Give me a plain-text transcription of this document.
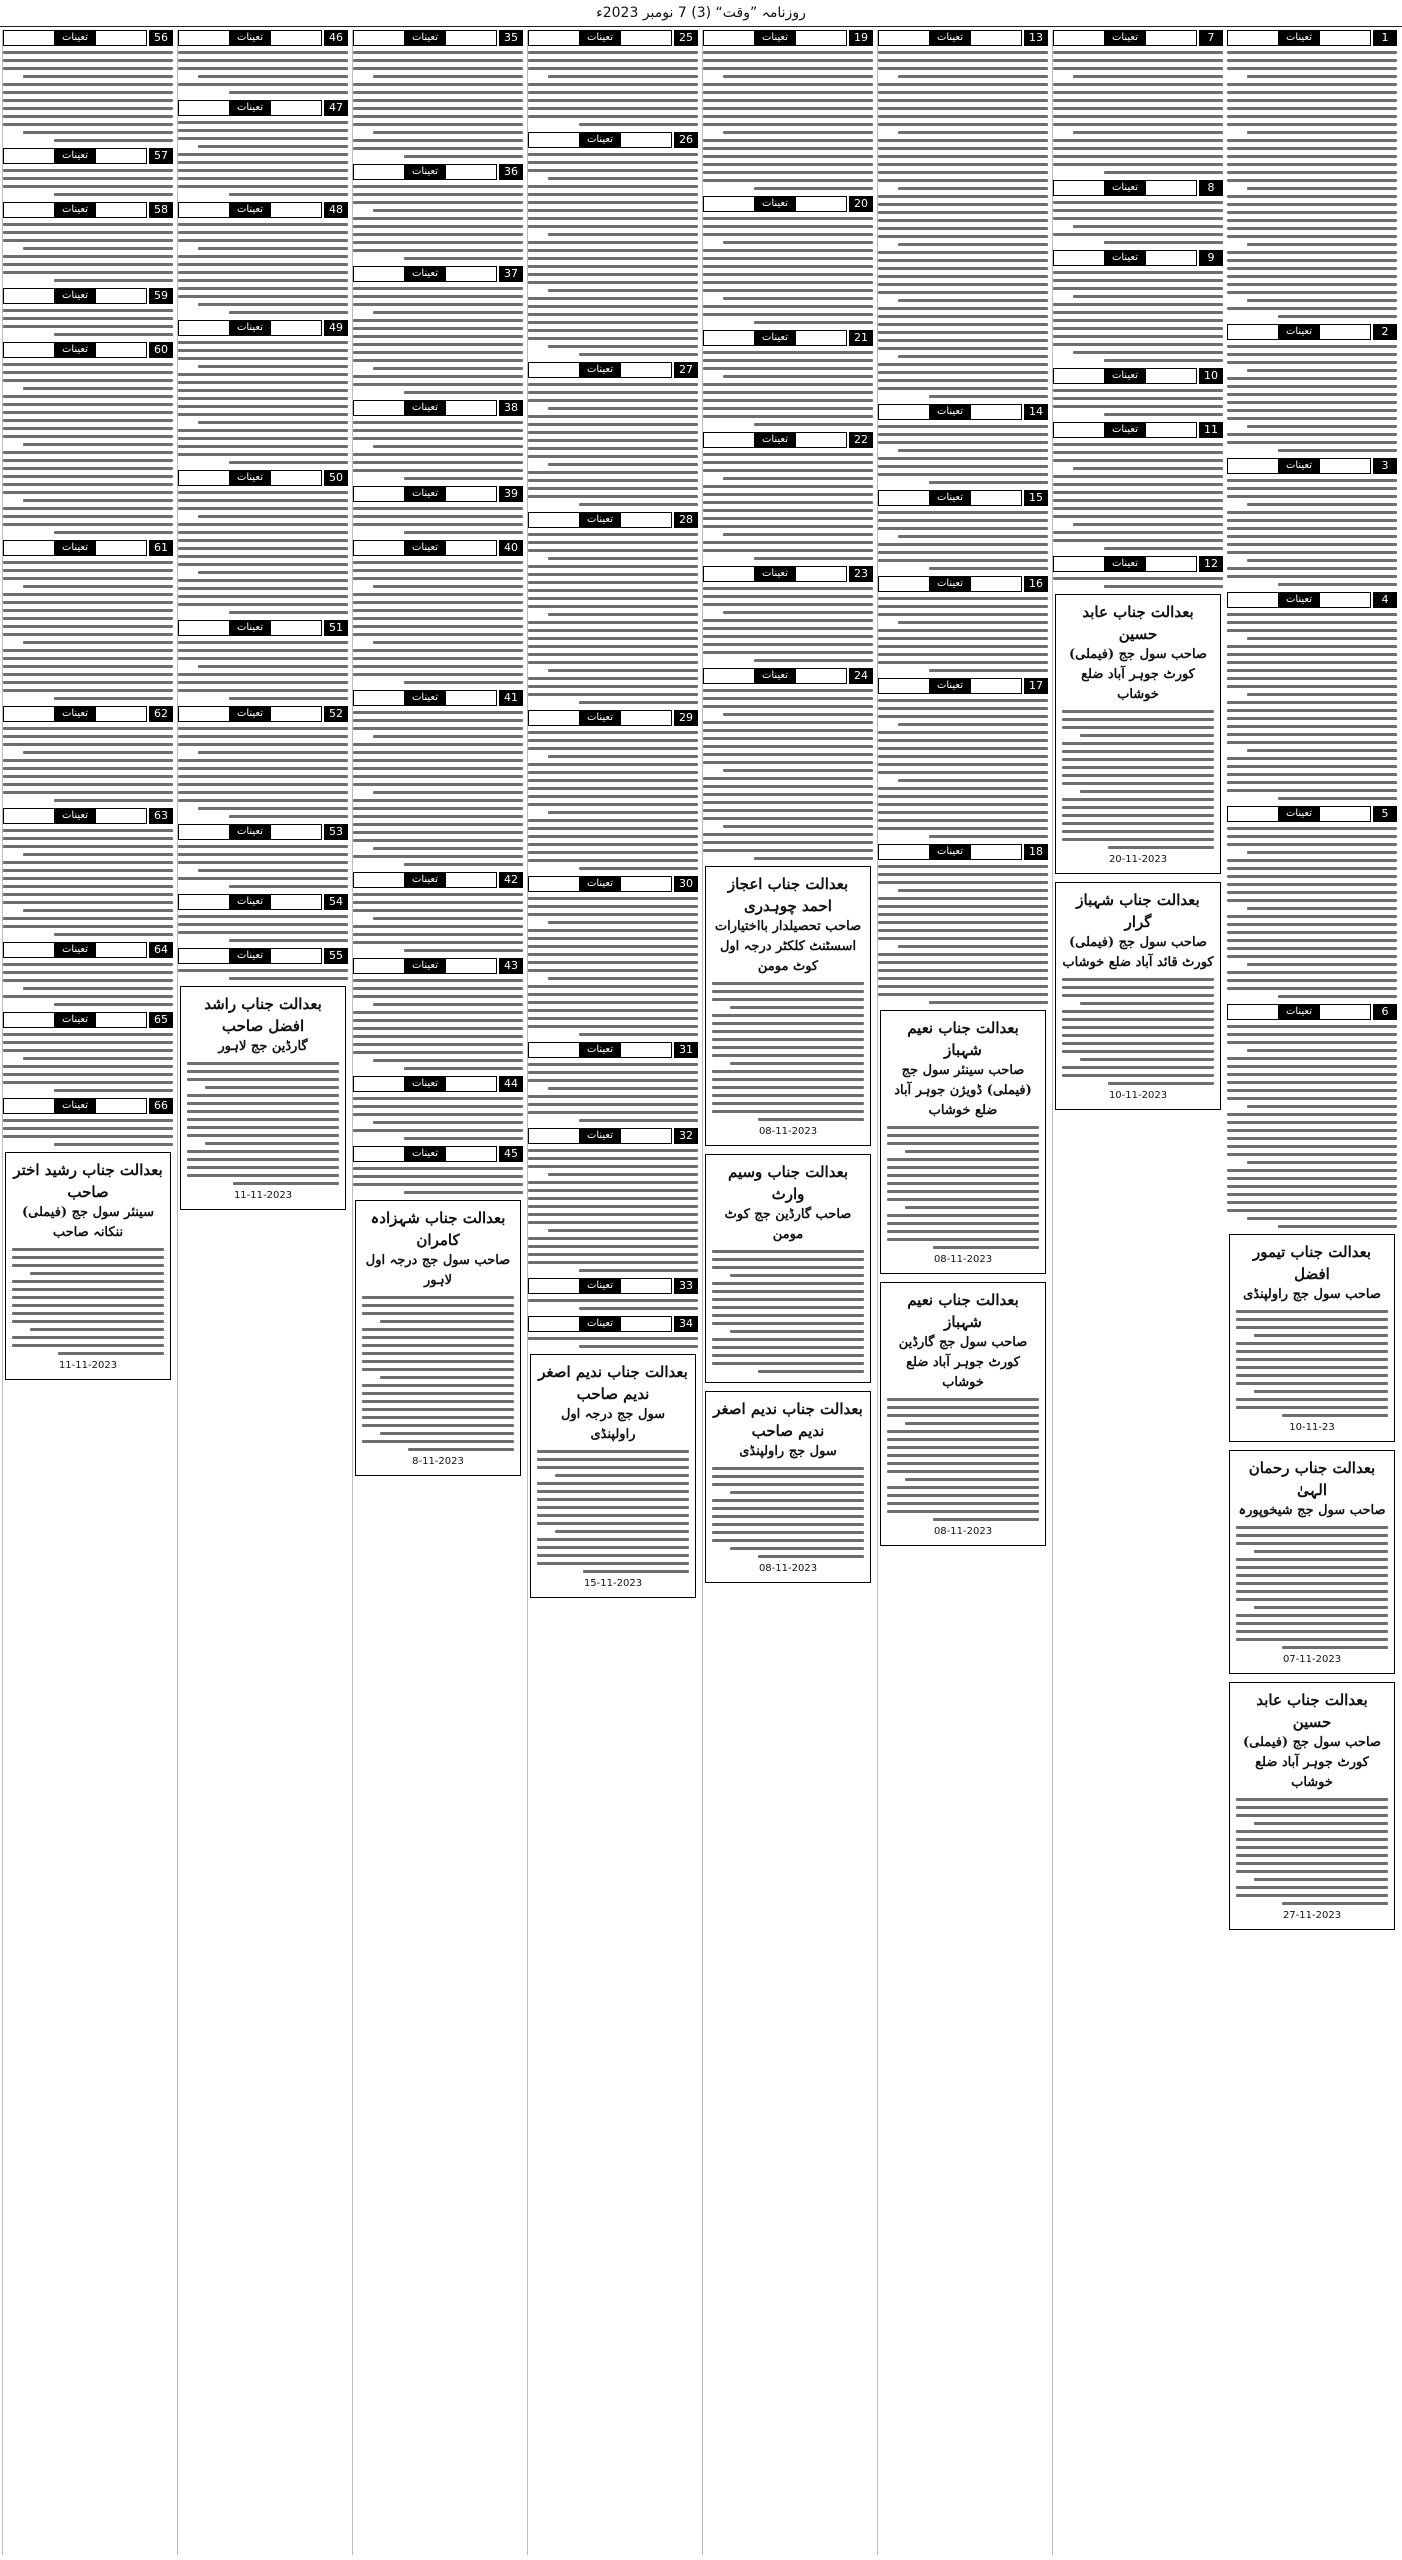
روزنامہ ”وقت“ (3) 7 نومبر 2023ء
تعینات	1
تعینات	2
تعینات	3
تعینات	4
تعینات	5
تعینات	6
بعدالت جناب تیمور افضل
صاحب سول جج راولپنڈی
10-11-23
بعدالت جناب رحمان الہیٰ
صاحب سول جج شیخوپورہ
07-11-2023
بعدالت جناب عابد حسین
صاحب سول جج (فیملی) کورٹ جوہر آباد ضلع خوشاب
27-11-2023
تعینات	7
تعینات	8
تعینات	9
تعینات	10
تعینات	11
تعینات	12
بعدالت جناب عابد حسین
صاحب سول جج (فیملی) کورٹ جوہر آباد ضلع خوشاب
20-11-2023
بعدالت جناب شہباز گرار
صاحب سول جج (فیملی) کورٹ قائد آباد ضلع خوشاب
10-11-2023
تعینات	13
تعینات	14
تعینات	15
تعینات	16
تعینات	17
تعینات	18
بعدالت جناب نعیم شہباز
صاحب سینئر سول جج (فیملی) ڈویژن جوہر آباد ضلع خوشاب
08-11-2023
بعدالت جناب نعیم شہباز
صاحب سول جج گارڈین کورٹ جوہر آباد ضلع خوشاب
08-11-2023
تعینات	19
تعینات	20
تعینات	21
تعینات	22
تعینات	23
تعینات	24
بعدالت جناب اعجاز احمد چوہدری
صاحب تحصیلدار بااختیارات اسسٹنٹ کلکٹر درجہ اول کوٹ مومن
08-11-2023
بعدالت جناب وسیم وارث
صاحب گارڈین جج کوٹ مومن
بعدالت جناب ندیم اصغر ندیم صاحب
سول جج راولپنڈی
08-11-2023
تعینات	25
تعینات	26
تعینات	27
تعینات	28
تعینات	29
تعینات	30
تعینات	31
تعینات	32
تعینات	33
تعینات	34
بعدالت جناب ندیم اصغر ندیم صاحب
سول جج درجہ اول راولپنڈی
15-11-2023
تعینات	35
تعینات	36
تعینات	37
تعینات	38
تعینات	39
تعینات	40
تعینات	41
تعینات	42
تعینات	43
تعینات	44
تعینات	45
بعدالت جناب شہزادہ کامران
صاحب سول جج درجہ اول لاہور
8-11-2023
تعینات	46
تعینات	47
تعینات	48
تعینات	49
تعینات	50
تعینات	51
تعینات	52
تعینات	53
تعینات	54
تعینات	55
بعدالت جناب راشد افضل صاحب
گارڈین جج لاہور
11-11-2023
تعینات	56
تعینات	57
تعینات	58
تعینات	59
تعینات	60
تعینات	61
تعینات	62
تعینات	63
تعینات	64
تعینات	65
تعینات	66
بعدالت جناب رشید اختر صاحب
سینئر سول جج (فیملی) ننکانہ صاحب
11-11-2023
